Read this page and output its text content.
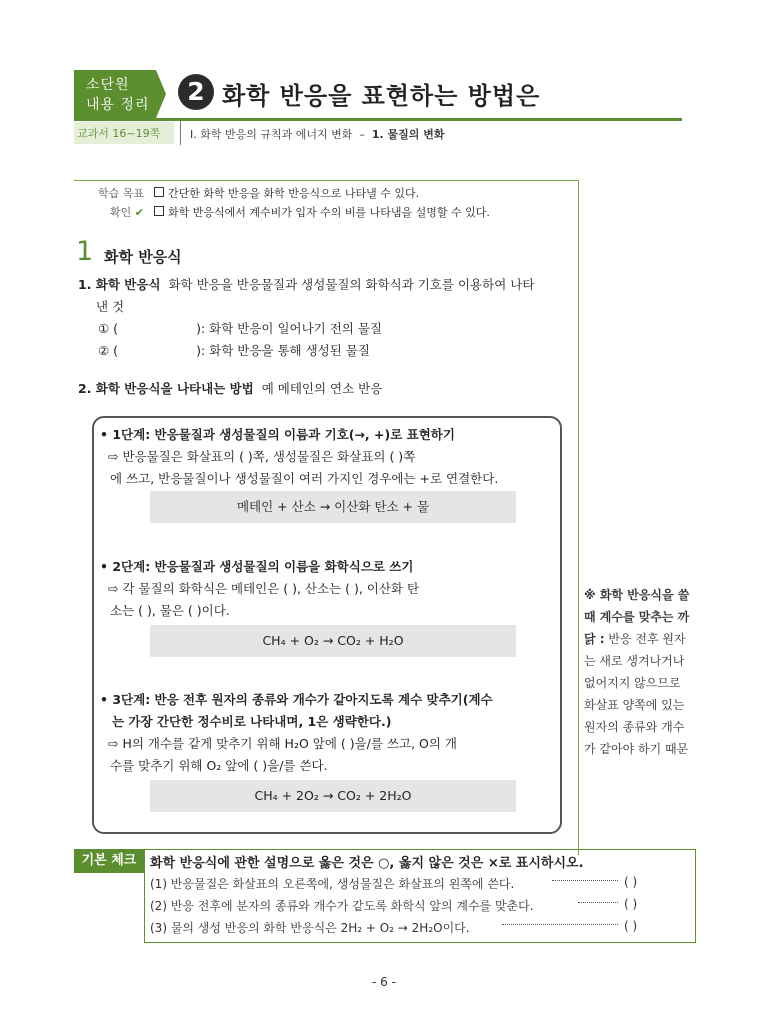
소단원
내용 정리	2 화학 반응을 표현하는 방법은
교과서 16~19쪽	Ⅰ. 화학 반응의 규칙과 에너지 변화 – 1. 물질의 변화
학습 목표
확인 ✔
간단한 화학 반응을 화학 반응식으로 나타낼 수 있다.
화학 반응식에서 계수비가 입자 수의 비를 나타냄을 설명할 수 있다.
1 화학 반응식
1. 화학 반응식 화학 반응을 반응물질과 생성물질의 화학식과 기호를 이용하여 나타
낸 것
① (	): 화학 반응이 일어나기 전의 물질
② (	): 화학 반응을 통해 생성된 물질
2. 화학 반응식을 나타내는 방법 예 메테인의 연소 반응
• 1단계: 반응물질과 생성물질의 이름과 기호(→, +)로 표현하기
⇨ 반응물질은 화살표의 ( )쪽, 생성물질은 화살표의 ( )쪽
에 쓰고, 반응물질이나 생성물질이 여러 가지인 경우에는 +로 연결한다.
메테인 + 산소 → 이산화 탄소 + 물
• 2단계: 반응물질과 생성물질의 이름을 화학식으로 쓰기
⇨ 각 물질의 화학식은 메테인은 ( ), 산소는 ( ), 이산화 탄
소는 ( ), 물은 ( )이다.
CH₄ + O₂ → CO₂ + H₂O
• 3단계: 반응 전후 원자의 종류와 개수가 같아지도록 계수 맞추기(계수
는 가장 간단한 정수비로 나타내며, 1은 생략한다.)
⇨ H의 개수를 같게 맞추기 위해 H₂O 앞에 ( )을/를 쓰고, O의 개
수를 맞추기 위해 O₂ 앞에 ( )을/를 쓴다.
CH₄ + 2O₂ → CO₂ + 2H₂O
※ 화학 반응식을 쓸 때 계수를 맞추는 까닭 : 반응 전후 원자는 새로 생겨나거나 없어지지 않으므로 화살표 양쪽에 있는 원자의 종류와 개수가 같아야 하기 때문
기본 체크	화학 반응식에 관한 설명으로 옳은 것은 ○, 옳지 않은 것은 ×로 표시하시오.
(1) 반응물질은 화살표의 오른쪽에, 생성물질은 화살표의 왼쪽에 쓴다.	( )
(2) 반응 전후에 분자의 종류와 개수가 같도록 화학식 앞의 계수를 맞춘다.	( )
(3) 물의 생성 반응의 화학 반응식은 2H₂ + O₂ → 2H₂O이다.	( )
- 6 -
